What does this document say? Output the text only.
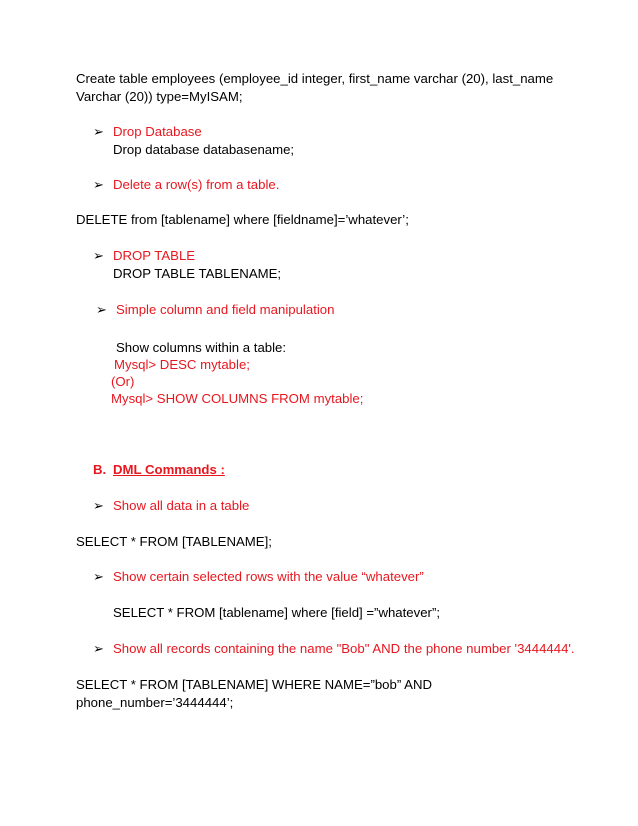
Create table employees (employee_id integer, first_name varchar (20), last_name
Varchar (20)) type=MyISAM;
➢ Drop Database
Drop database databasename;
➢ Delete a row(s) from a table.
DELETE from [tablename] where [fieldname]=’whatever’;
➢ DROP TABLE
DROP TABLE TABLENAME;
➢ Simple column and field manipulation
Show columns within a table:
Mysql> DESC mytable;
(Or)
Mysql> SHOW COLUMNS FROM mytable;
B. DML Commands :
➢ Show all data in a table
SELECT * FROM [TABLENAME];
➢ Show certain selected rows with the value “whatever”
SELECT * FROM [tablename] where [field] =”whatever”;
➢ Show all records containing the name "Bob" AND the phone number '3444444'.
SELECT * FROM [TABLENAME] WHERE NAME=”bob” AND
phone_number=’3444444’;
